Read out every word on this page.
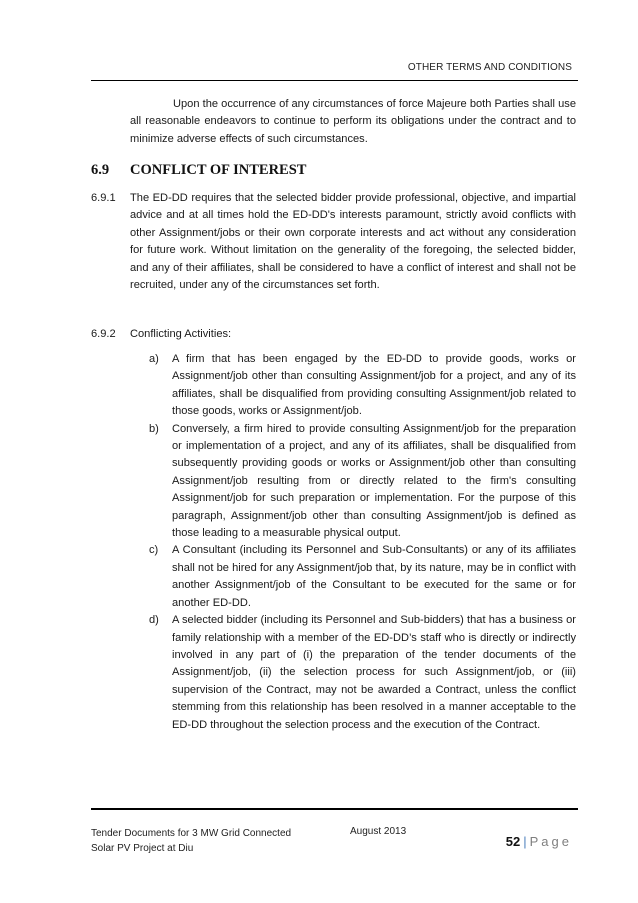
OTHER TERMS AND CONDITIONS
Upon the occurrence of any circumstances of force Majeure both Parties shall use all reasonable endeavors to continue to perform its obligations under the contract and to minimize adverse effects of such circumstances.
6.9 CONFLICT OF INTEREST
6.9.1	The ED-DD requires that the selected bidder provide professional, objective, and impartial advice and at all times hold the ED-DD's interests paramount, strictly avoid conflicts with other Assignment/jobs or their own corporate interests and act without any consideration for future work. Without limitation on the generality of the foregoing, the selected bidder, and any of their affiliates, shall be considered to have a conflict of interest and shall not be recruited, under any of the circumstances set forth.
6.9.2	Conflicting Activities:
a) A firm that has been engaged by the ED-DD to provide goods, works or Assignment/job other than consulting Assignment/job for a project, and any of its affiliates, shall be disqualified from providing consulting Assignment/job related to those goods, works or Assignment/job.
b) Conversely, a firm hired to provide consulting Assignment/job for the preparation or implementation of a project, and any of its affiliates, shall be disqualified from subsequently providing goods or works or Assignment/job other than consulting Assignment/job resulting from or directly related to the firm's consulting Assignment/job for such preparation or implementation. For the purpose of this paragraph, Assignment/job other than consulting Assignment/job is defined as those leading to a measurable physical output.
c) A Consultant (including its Personnel and Sub-Consultants) or any of its affiliates shall not be hired for any Assignment/job that, by its nature, may be in conflict with another Assignment/job of the Consultant to be executed for the same or for another ED-DD.
d) A selected bidder (including its Personnel and Sub-bidders) that has a business or family relationship with a member of the ED-DD’s staff who is directly or indirectly involved in any part of (i) the preparation of the tender documents of the Assignment/job, (ii) the selection process for such Assignment/job, or (iii) supervision of the Contract, may not be awarded a Contract, unless the conflict stemming from this relationship has been resolved in a manner acceptable to the ED-DD throughout the selection process and the execution of the Contract.
Tender Documents for 3 MW Grid Connected
Solar PV Project at Diu
August 2013
52 | Page
